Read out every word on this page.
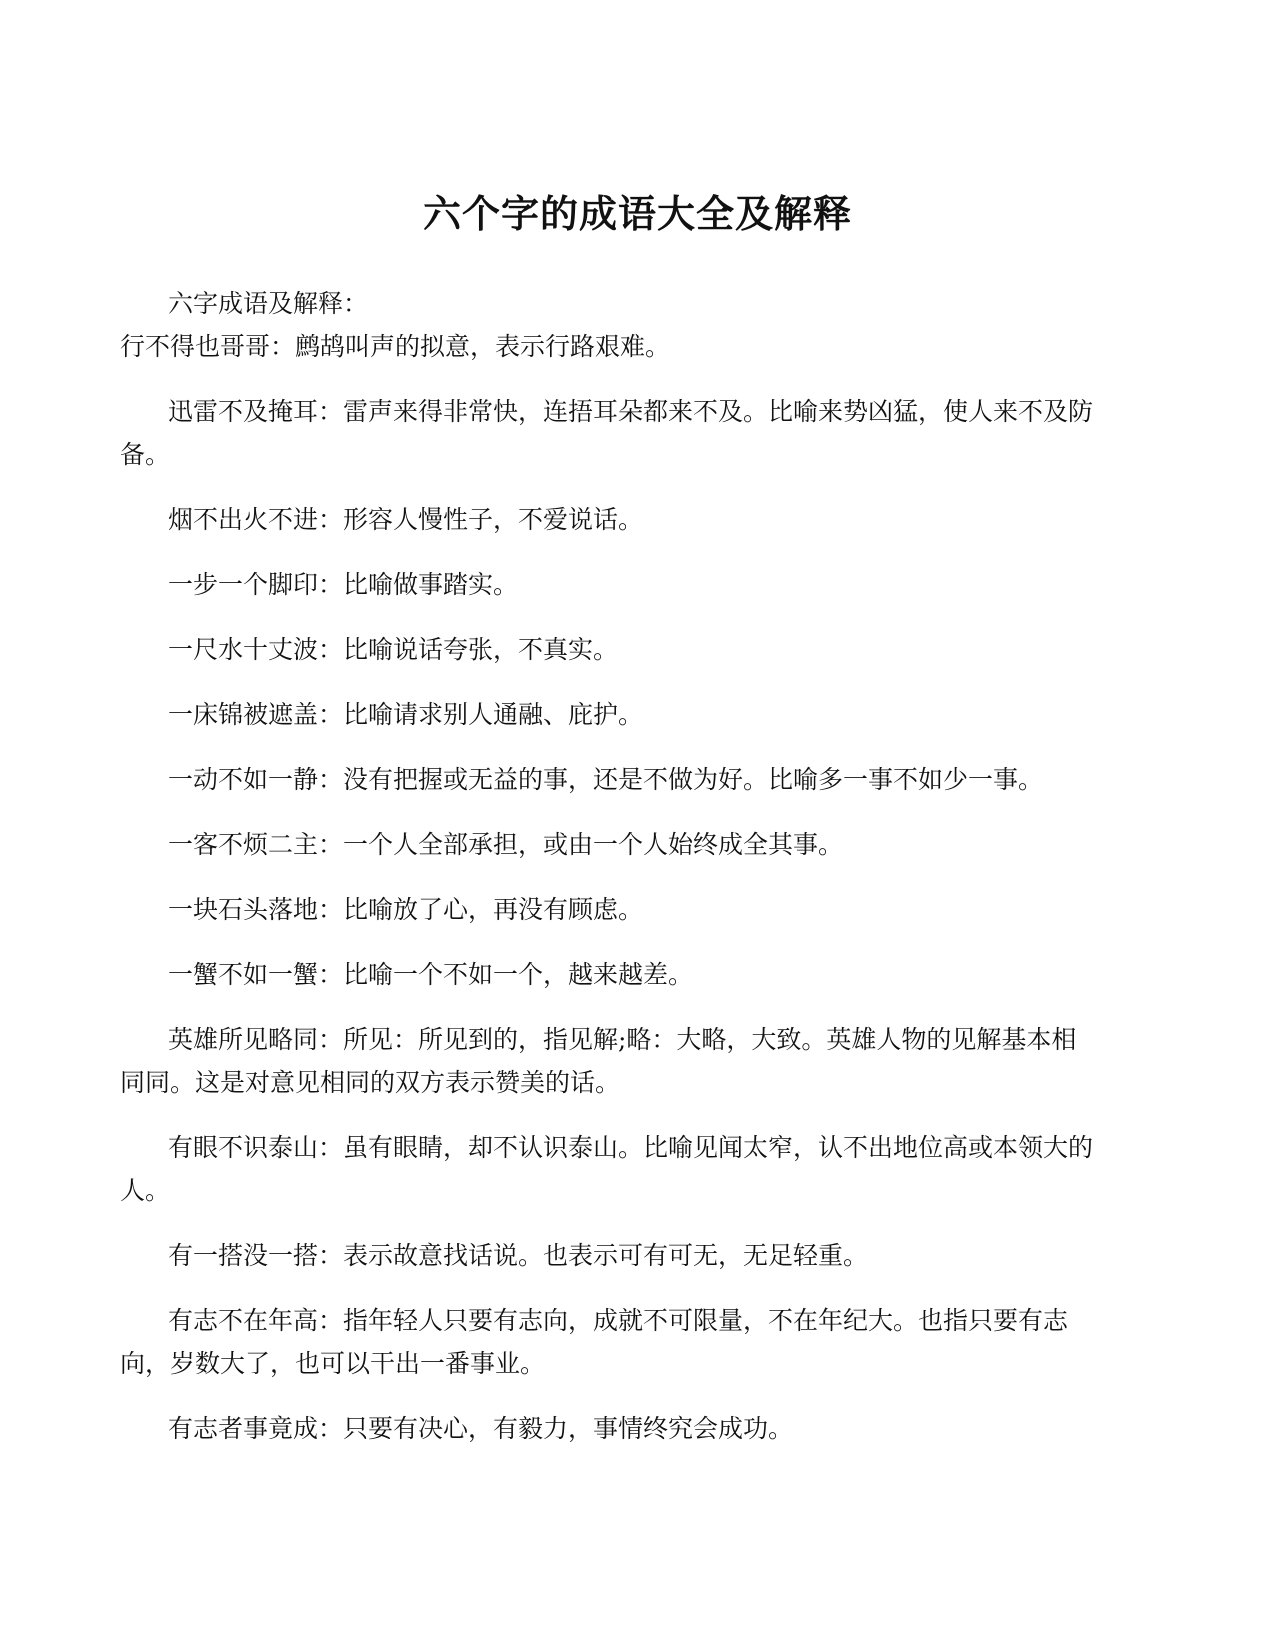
六个字的成语大全及解释

六字成语及解释：

行不得也哥哥：鹧鸪叫声的拟意，表示行路艰难。

迅雷不及掩耳：雷声来得非常快，连捂耳朵都来不及。比喻来势凶猛，使人来不及防备。

烟不出火不进：形容人慢性子，不爱说话。

一步一个脚印：比喻做事踏实。

一尺水十丈波：比喻说话夸张，不真实。

一床锦被遮盖：比喻请求别人通融、庇护。

一动不如一静：没有把握或无益的事，还是不做为好。比喻多一事不如少一事。

一客不烦二主：一个人全部承担，或由一个人始终成全其事。

一块石头落地：比喻放了心，再没有顾虑。

一蟹不如一蟹：比喻一个不如一个，越来越差。

英雄所见略同：所见：所见到的，指见解;略：大略，大致。英雄人物的见解基本相同同。这是对意见相同的双方表示赞美的话。

有眼不识泰山：虽有眼睛，却不认识泰山。比喻见闻太窄，认不出地位高或本领大的人。

有一搭没一搭：表示故意找话说。也表示可有可无，无足轻重。

有志不在年高：指年轻人只要有志向，成就不可限量，不在年纪大。也指只要有志向，岁数大了，也可以干出一番事业。

有志者事竟成：只要有决心，有毅力，事情终究会成功。
